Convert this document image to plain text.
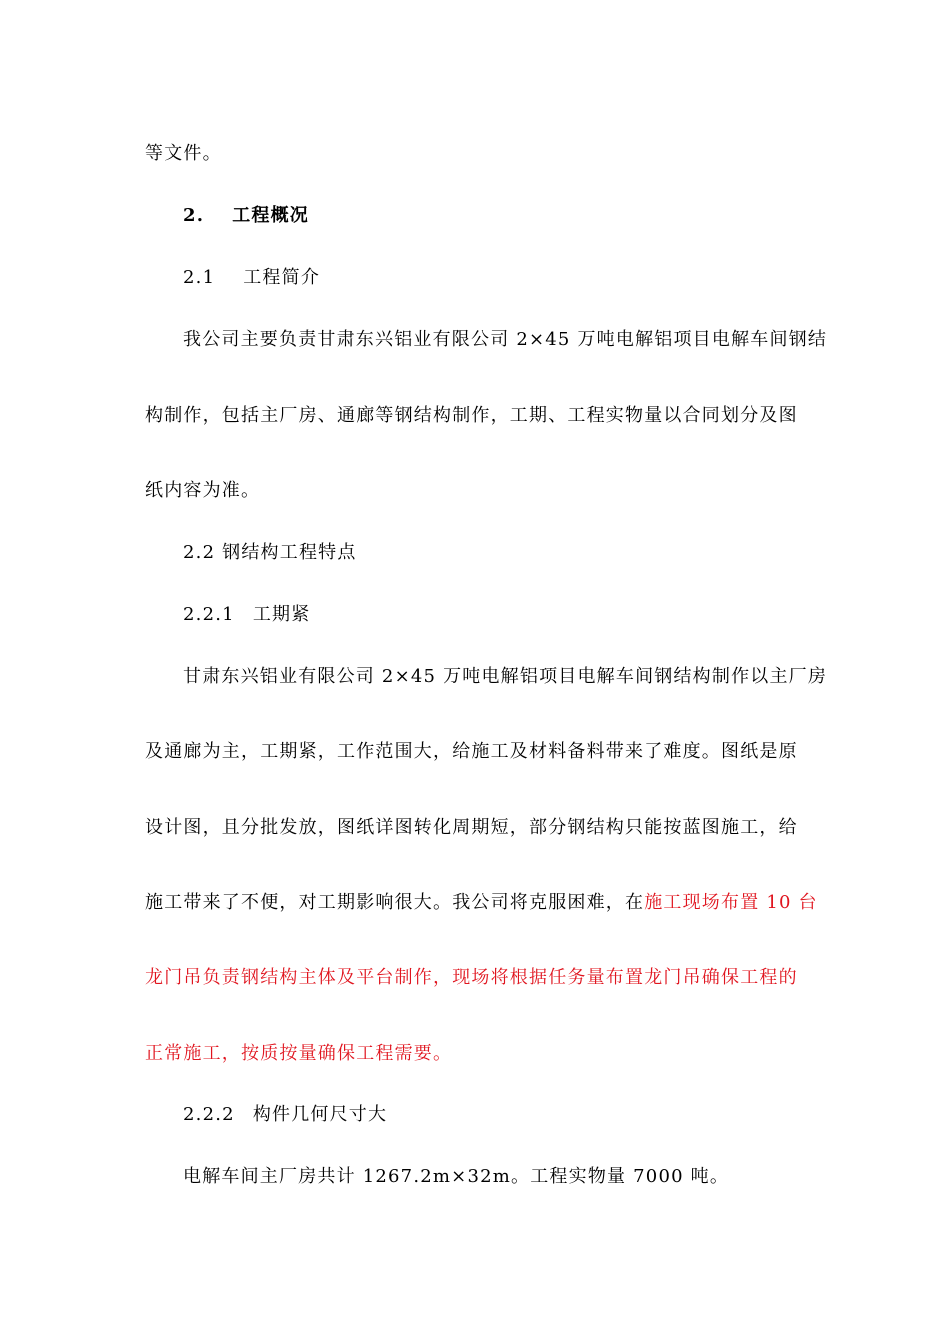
等文件。
2. 工程概况
2.1 工程简介
我公司主要负责甘肃东兴铝业有限公司 2×45 万吨电解铝项目电解车间钢结
构制作，包括主厂房、通廊等钢结构制作，工期、工程实物量以合同划分及图
纸内容为准。
2.2 钢结构工程特点
2.2.1 工期紧
甘肃东兴铝业有限公司 2×45 万吨电解铝项目电解车间钢结构制作以主厂房
及通廊为主，工期紧，工作范围大，给施工及材料备料带来了难度。图纸是原
设计图，且分批发放，图纸详图转化周期短，部分钢结构只能按蓝图施工，给
施工带来了不便，对工期影响很大。我公司将克服困难，在施工现场布置 10 台
龙门吊负责钢结构主体及平台制作，现场将根据任务量布置龙门吊确保工程的
正常施工，按质按量确保工程需要。
2.2.2 构件几何尺寸大
电解车间主厂房共计 1267.2m×32m。工程实物量 7000 吨。
